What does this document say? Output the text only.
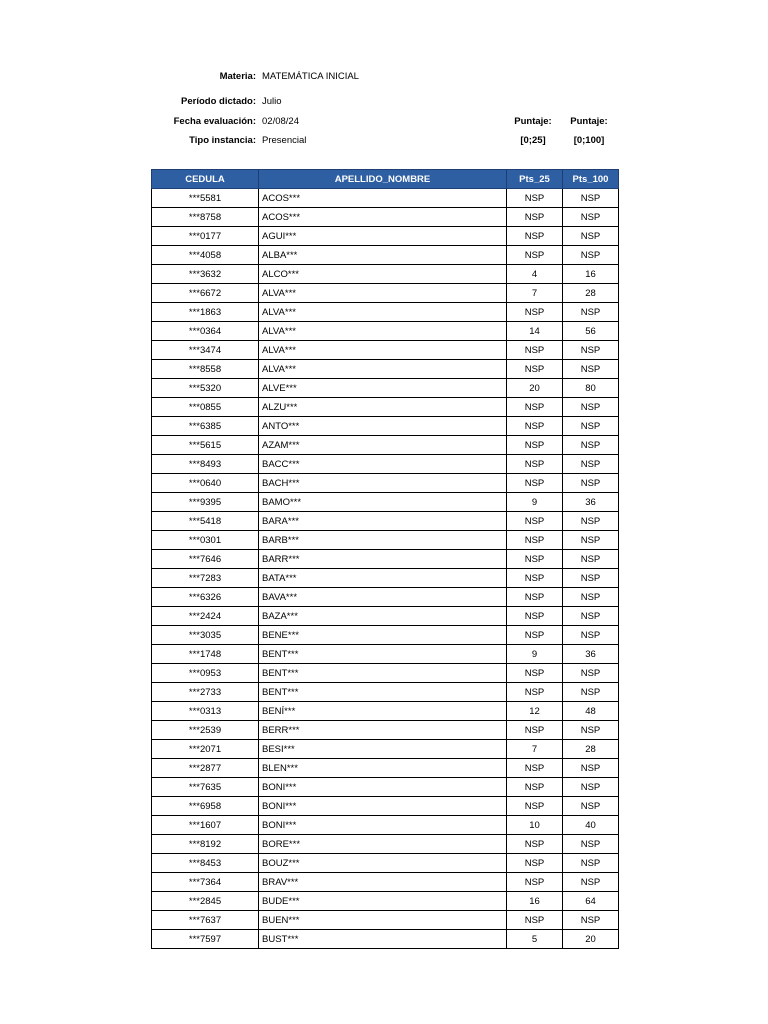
Materia: MATEMÁTICA INICIAL
Período dictado: Julio
Fecha evaluación: 02/08/24
Tipo instancia: Presencial
Puntaje:
[0;25]
Puntaje:
[0;100]
CEDULA	APELLIDO_NOMBRE	Pts_25	Pts_100
***5581	ACOS***	NSP	NSP
***8758	ACOS***	NSP	NSP
***0177	AGUI***	NSP	NSP
***4058	ALBA***	NSP	NSP
***3632	ALCO***	4	16
***6672	ALVA***	7	28
***1863	ALVA***	NSP	NSP
***0364	ALVA***	14	56
***3474	ALVA***	NSP	NSP
***8558	ALVA***	NSP	NSP
***5320	ALVE***	20	80
***0855	ALZU***	NSP	NSP
***6385	ANTO***	NSP	NSP
***5615	AZAM***	NSP	NSP
***8493	BACC***	NSP	NSP
***0640	BACH***	NSP	NSP
***9395	BAMO***	9	36
***5418	BARA***	NSP	NSP
***0301	BARB***	NSP	NSP
***7646	BARR***	NSP	NSP
***7283	BATA***	NSP	NSP
***6326	BAVA***	NSP	NSP
***2424	BAZA***	NSP	NSP
***3035	BENE***	NSP	NSP
***1748	BENT***	9	36
***0953	BENT***	NSP	NSP
***2733	BENT***	NSP	NSP
***0313	BENÍ***	12	48
***2539	BERR***	NSP	NSP
***2071	BESI***	7	28
***2877	BLEN***	NSP	NSP
***7635	BONI***	NSP	NSP
***6958	BONI***	NSP	NSP
***1607	BONI***	10	40
***8192	BORE***	NSP	NSP
***8453	BOUZ***	NSP	NSP
***7364	BRAV***	NSP	NSP
***2845	BUDE***	16	64
***7637	BUEN***	NSP	NSP
***7597	BUST***	5	20
